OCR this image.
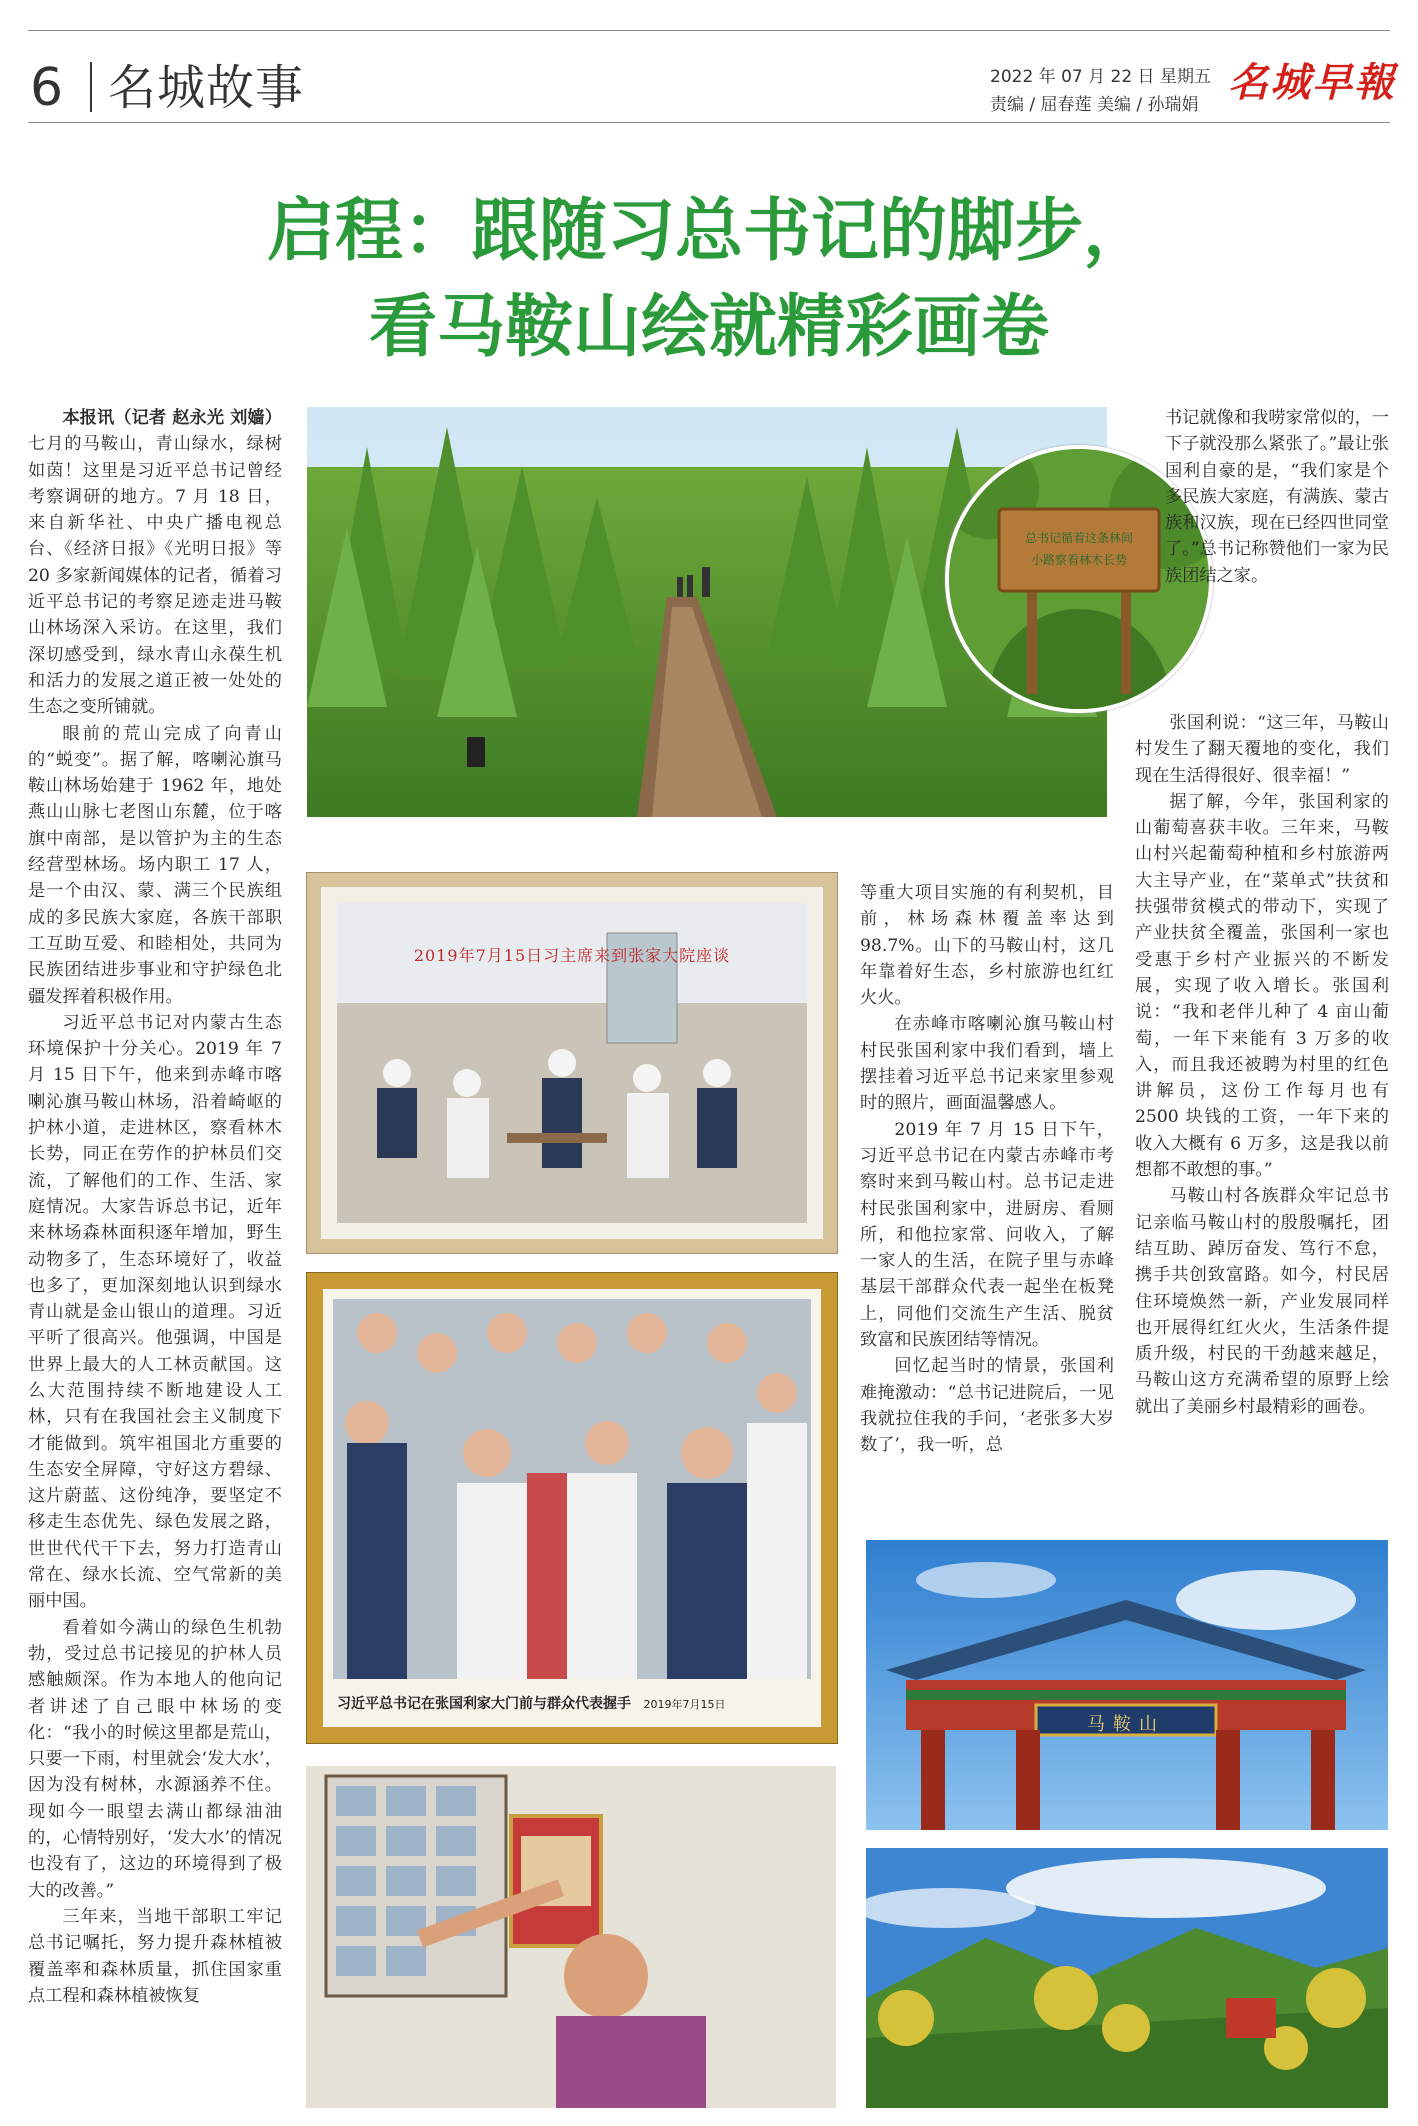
6 名城故事	2022 年 07 月 22 日 星期五
责编 / 屈春莲 美编 / 孙瑞娟 名城早報
启程：跟随习总书记的脚步，
看马鞍山绘就精彩画卷

本报讯（记者 赵永光 刘嫱）七月的马鞍山，青山绿水，绿树如茵！这里是习近平总书记曾经考察调研的地方。7 月 18 日，来自新华社、中央广播电视总台、《经济日报》《光明日报》等 20 多家新闻媒体的记者，循着习近平总书记的考察足迹走进马鞍山林场深入采访。在这里，我们深切感受到，绿水青山永葆生机和活力的发展之道正被一处处的生态之变所铺就。

眼前的荒山完成了向青山的“蜕变”。据了解，喀喇沁旗马鞍山林场始建于 1962 年，地处燕山山脉七老图山东麓，位于喀旗中南部，是以管护为主的生态经营型林场。场内职工 17 人，是一个由汉、蒙、满三个民族组成的多民族大家庭，各族干部职工互助互爱、和睦相处，共同为民族团结进步事业和守护绿色北疆发挥着积极作用。

习近平总书记对内蒙古生态环境保护十分关心。2019 年 7 月 15 日下午，他来到赤峰市喀喇沁旗马鞍山林场，沿着崎岖的护林小道，走进林区，察看林木长势，同正在劳作的护林员们交流，了解他们的工作、生活、家庭情况。大家告诉总书记，近年来林场森林面积逐年增加，野生动物多了，生态环境好了，收益也多了，更加深刻地认识到绿水青山就是金山银山的道理。习近平听了很高兴。他强调，中国是世界上最大的人工林贡献国。这么大范围持续不断地建设人工林，只有在我国社会主义制度下才能做到。筑牢祖国北方重要的生态安全屏障，守好这方碧绿、这片蔚蓝、这份纯净，要坚定不移走生态优先、绿色发展之路，世世代代干下去，努力打造青山常在、绿水长流、空气常新的美丽中国。

看着如今满山的绿色生机勃勃，受过总书记接见的护林人员感触颇深。作为本地人的他向记者讲述了自己眼中林场的变化：“我小的时候这里都是荒山，只要一下雨，村里就会‘发大水’，因为没有树林，水源涵养不住。现如今一眼望去满山都绿油油的，心情特别好，‘发大水’的情况也没有了，这边的环境得到了极大的改善。”

三年来，当地干部职工牢记总书记嘱托，努力提升森林植被覆盖率和森林质量，抓住国家重点工程和森林植被恢复

总书记循着这条林间
小路察看林木长势

书记就像和我唠家常似的，一下子就没那么紧张了。”最让张国利自豪的是，“我们家是个多民族大家庭，有满族、蒙古族和汉族，现在已经四世同堂了。”总书记称赞他们一家为民族团结之家。

张国利说：“这三年，马鞍山村发生了翻天覆地的变化，我们现在生活得很好、很幸福！”

据了解，今年，张国利家的山葡萄喜获丰收。三年来，马鞍山村兴起葡萄种植和乡村旅游两大主导产业，在“菜单式”扶贫和扶强带贫模式的带动下，实现了产业扶贫全覆盖，张国利一家也受惠于乡村产业振兴的不断发展，实现了收入增长。张国利说：“我和老伴儿种了 4 亩山葡萄，一年下来能有 3 万多的收入，而且我还被聘为村里的红色讲解员，这份工作每月也有 2500 块钱的工资，一年下来的收入大概有 6 万多，这是我以前想都不敢想的事。”

马鞍山村各族群众牢记总书记亲临马鞍山村的殷殷嘱托，团结互助、踔厉奋发、笃行不怠，携手共创致富路。如今，村民居住环境焕然一新，产业发展同样也开展得红红火火，生活条件提质升级，村民的干劲越来越足，马鞍山这方充满希望的原野上绘就出了美丽乡村最精彩的画卷。

2019年7月15日习主席来到张家大院座谈
习近平总书记在张国利家大门前与群众代表握手 2019年7月15日

等重大项目实施的有利契机，目前，林场森林覆盖率达到 98.7%。山下的马鞍山村，这几年靠着好生态，乡村旅游也红红火火。

在赤峰市喀喇沁旗马鞍山村村民张国利家中我们看到，墙上摆挂着习近平总书记来家里参观时的照片，画面温馨感人。

2019 年 7 月 15 日下午，习近平总书记在内蒙古赤峰市考察时来到马鞍山村。总书记走进村民张国利家中，进厨房、看厕所，和他拉家常、问收入，了解一家人的生活，在院子里与赤峰基层干部群众代表一起坐在板凳上，同他们交流生产生活、脱贫致富和民族团结等情况。

回忆起当时的情景，张国利难掩激动：“总书记进院后，一见我就拉住我的手问，‘老张多大岁数了’，我一听，总

马鞍山
